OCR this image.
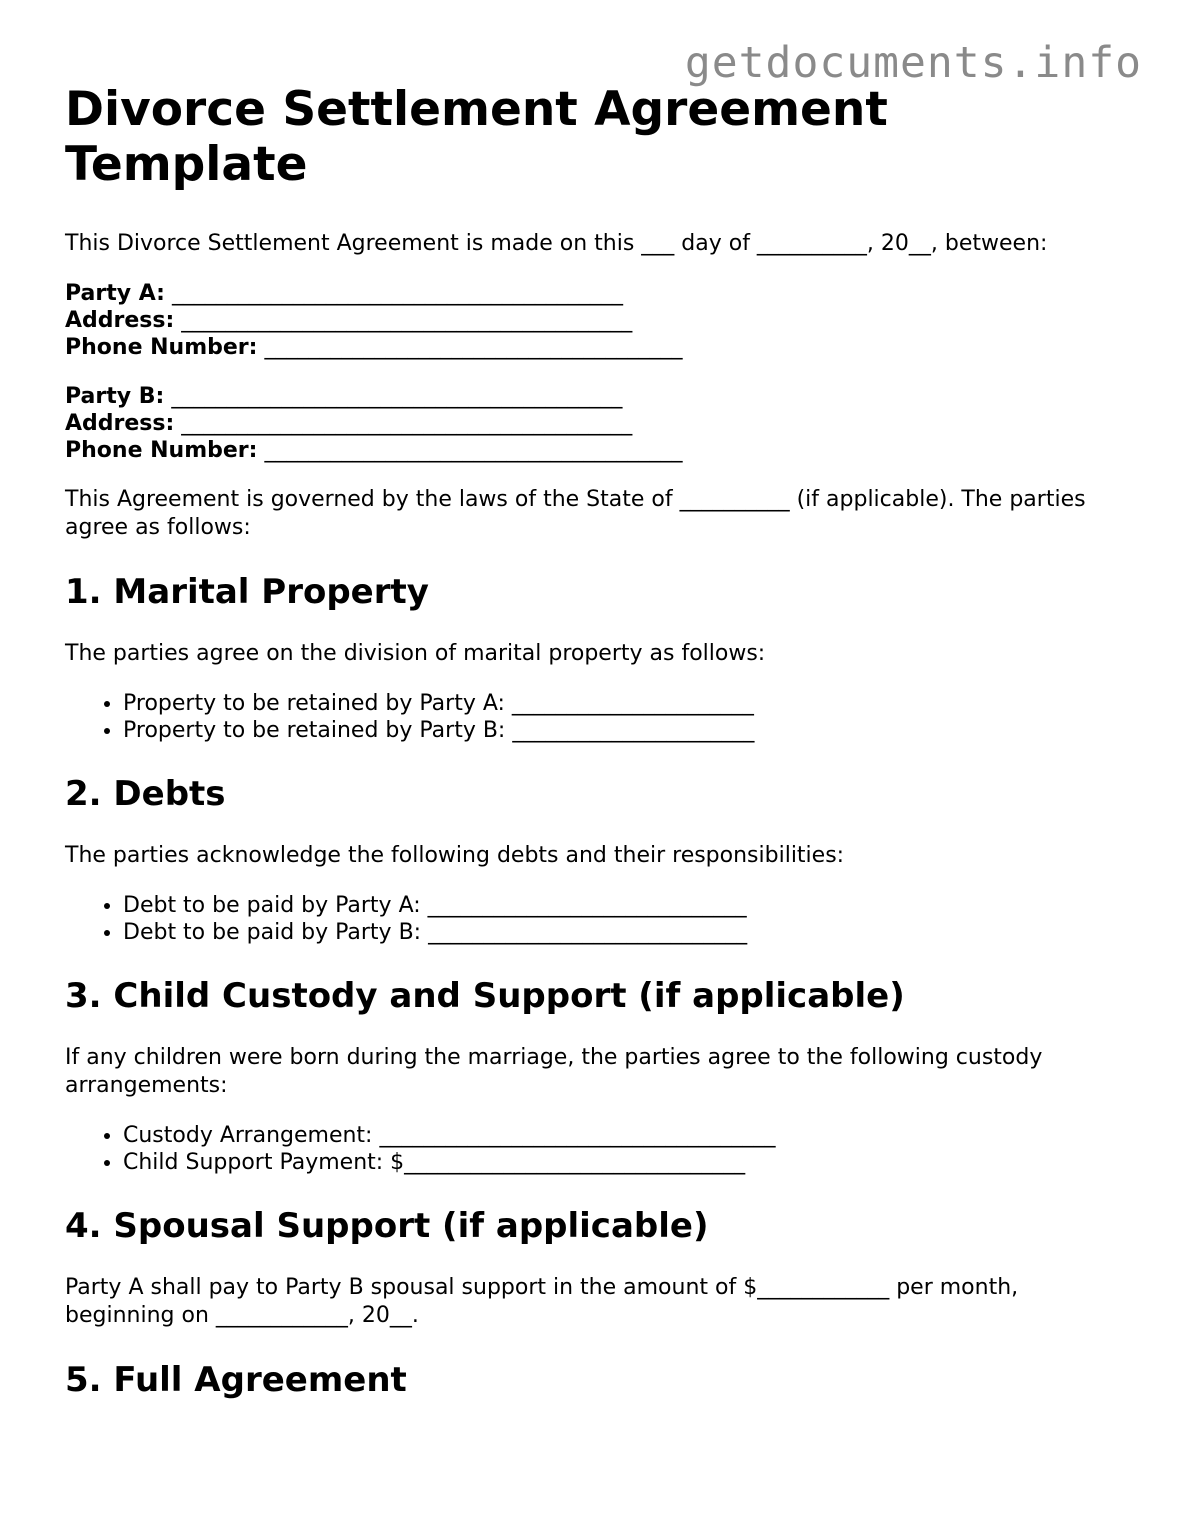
getdocuments.info
Divorce Settlement Agreement Template

This Divorce Settlement Agreement is made on this ___ day of __________, 20__, between:

Party A: _________________________________________
Address: _________________________________________
Phone Number: ______________________________________
Party B: _________________________________________
Address: _________________________________________
Phone Number: ______________________________________

This Agreement is governed by the laws of the State of __________ (if applicable). The parties agree as follows:

1. Marital Property

The parties agree on the division of marital property as follows:

• Property to be retained by Party A: ______________________
• Property to be retained by Party B: ______________________
2. Debts

The parties acknowledge the following debts and their responsibilities:

• Debt to be paid by Party A: _____________________________
• Debt to be paid by Party B: _____________________________
3. Child Custody and Support (if applicable)

If any children were born during the marriage, the parties agree to the following custody arrangements:

• Custody Arrangement: ____________________________________
• Child Support Payment: $_______________________________
4. Spousal Support (if applicable)

Party A shall pay to Party B spousal support in the amount of $____________ per month, beginning on ____________, 20__.

5. Full Agreement
